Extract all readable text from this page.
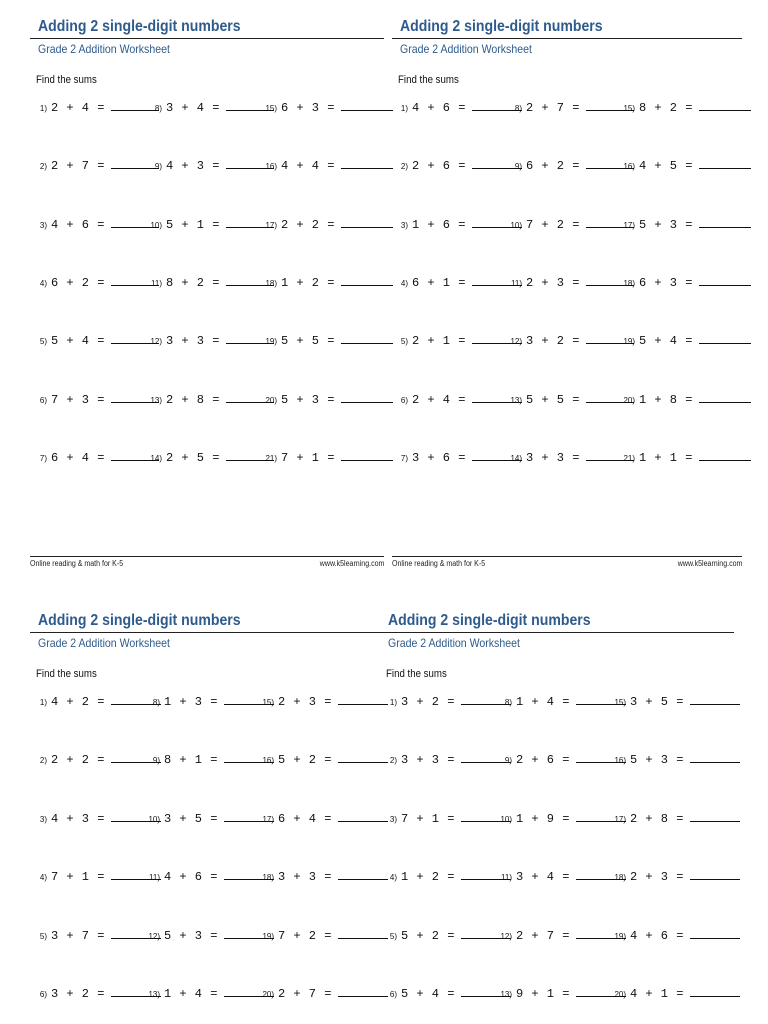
Adding 2 single-digit numbers
Grade 2 Addition Worksheet
Find the sums
1) 2 + 4 =
2) 2 + 7 =
3) 4 + 6 =
4) 6 + 2 =
5) 5 + 4 =
6) 7 + 3 =
7) 6 + 4 =
8) 3 + 4 =
9) 4 + 3 =
10) 5 + 1 =
11) 8 + 2 =
12) 3 + 3 =
13) 2 + 8 =
14) 2 + 5 =
15) 6 + 3 =
16) 4 + 4 =
17) 2 + 2 =
18) 1 + 2 =
19) 5 + 5 =
20) 5 + 3 =
21) 7 + 1 =
Online reading & math for K-5	www.k5learning.com
Adding 2 single-digit numbers
Grade 2 Addition Worksheet
Find the sums
1) 4 + 6 =
2) 2 + 6 =
3) 1 + 6 =
4) 6 + 1 =
5) 2 + 1 =
6) 2 + 4 =
7) 3 + 6 =
8) 2 + 7 =
9) 6 + 2 =
10) 7 + 2 =
11) 2 + 3 =
12) 3 + 2 =
13) 5 + 5 =
14) 3 + 3 =
15) 8 + 2 =
16) 4 + 5 =
17) 5 + 3 =
18) 6 + 3 =
19) 5 + 4 =
20) 1 + 8 =
21) 1 + 1 =
Online reading & math for K-5	www.k5learning.com
Adding 2 single-digit numbers
Grade 2 Addition Worksheet
Find the sums
1) 4 + 2 =
2) 2 + 2 =
3) 4 + 3 =
4) 7 + 1 =
5) 3 + 7 =
6) 3 + 2 =
8) 1 + 3 =
9) 8 + 1 =
10) 3 + 5 =
11) 4 + 6 =
12) 5 + 3 =
13) 1 + 4 =
15) 2 + 3 =
16) 5 + 2 =
17) 6 + 4 =
18) 3 + 3 =
19) 7 + 2 =
20) 2 + 7 =
Adding 2 single-digit numbers
Grade 2 Addition Worksheet
Find the sums
1) 3 + 2 =
2) 3 + 3 =
3) 7 + 1 =
4) 1 + 2 =
5) 5 + 2 =
6) 5 + 4 =
8) 1 + 4 =
9) 2 + 6 =
10) 1 + 9 =
11) 3 + 4 =
12) 2 + 7 =
13) 9 + 1 =
15) 3 + 5 =
16) 5 + 3 =
17) 2 + 8 =
18) 2 + 3 =
19) 4 + 6 =
20) 4 + 1 =
